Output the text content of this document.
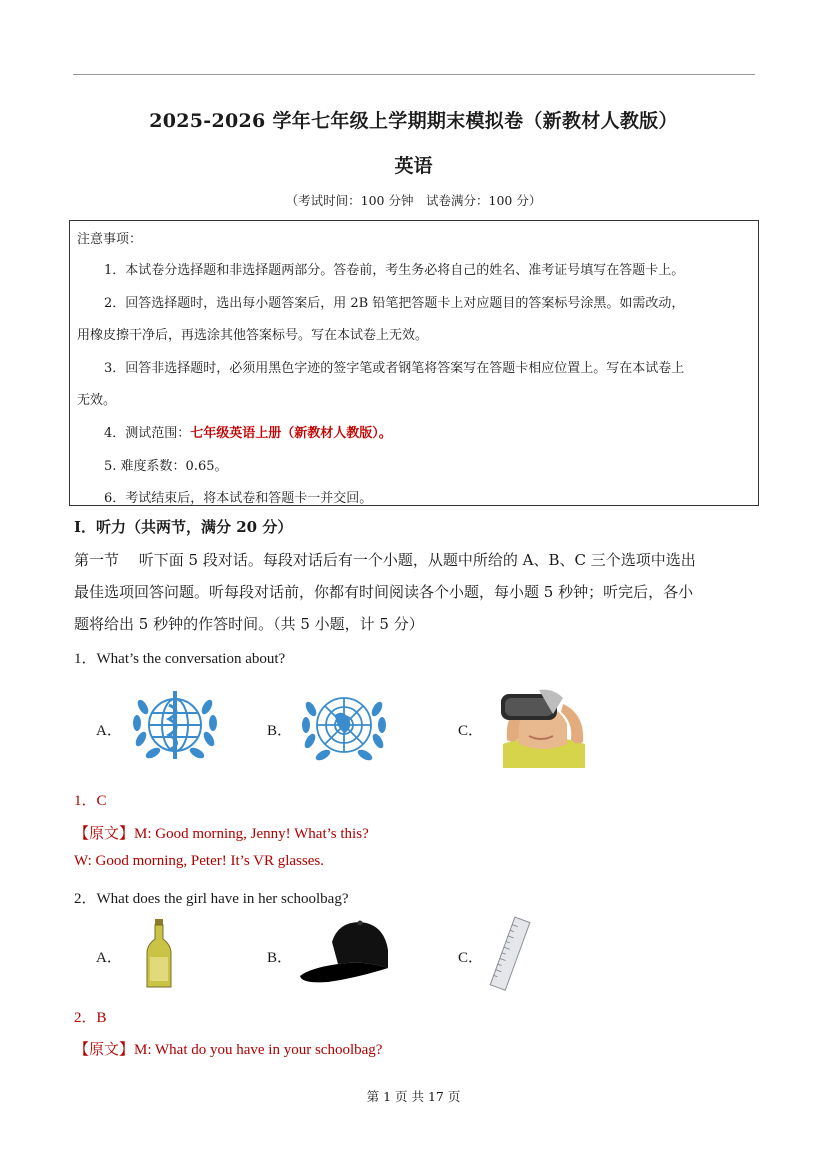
2025-2026 学年七年级上学期期末模拟卷（新教材人教版）
英语
（考试时间：100 分钟　试卷满分：100 分）
注意事项：
1．本试卷分选择题和非选择题两部分。答卷前，考生务必将自己的姓名、准考证号填写在答题卡上。
2．回答选择题时，选出每小题答案后，用 2B 铅笔把答题卡上对应题目的答案标号涂黑。如需改动，
用橡皮擦干净后，再选涂其他答案标号。写在本试卷上无效。
3．回答非选择题时，必须用黑色字迹的签字笔或者钢笔将答案写在答题卡相应位置上。写在本试卷上
无效。
4．测试范围：七年级英语上册（新教材人教版）。
5. 难度系数：0.65。
6．考试结束后，将本试卷和答题卡一并交回。
I．听力（共两节，满分 20 分）
第一节　 听下面 5 段对话。每段对话后有一个小题，从题中所给的 A、B、C 三个选项中选出
最佳选项回答问题。听每段对话前，你都有时间阅读各个小题，每小题 5 秒钟；听完后，各小
题将给出 5 秒钟的作答时间。（共 5 小题，计 5 分）
1．What’s the conversation about?
A．	B．	C．
1．C
【原文】M: Good morning, Jenny! What’s this?
W: Good morning, Peter! It’s VR glasses.
2．What does the girl have in her schoolbag?
A．	B．	C．
2．B
【原文】M: What do you have in your schoolbag?
第 1 页 共 17 页
